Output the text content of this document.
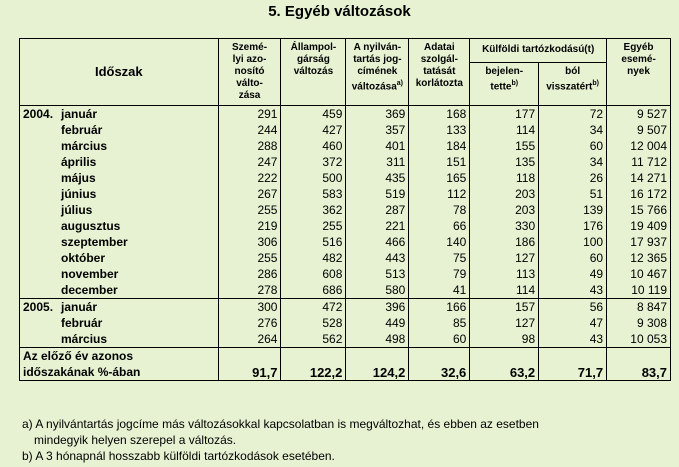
5. Egyéb változások
Időszak	Szemé-
lyi azo-
nosító
válto-
zása	Állampol-
gárság
változás	A nyilván-
tartás jog-
címének
változása$^{a)}$	Adatai
szolgál-
tatását
korlátozta	Külföldi tartózkodású(t)		Egyéb
esemé-
nyek
					bejelen-
tette$^{b)}$	ból
visszatért$^{b)}$
2004. január	291	459	369	168	177	72	9 527
február	244	427	357	133	114	34	9 507
március	288	460	401	184	155	60	12 004
április	247	372	311	151	135	34	11 712
május	222	500	435	165	118	26	14 271
június	267	583	519	112	203	51	16 172
július	255	362	287	78	203	139	15 766
augusztus	219	255	221	66	330	176	19 409
szeptember	306	516	466	140	186	100	17 937
október	255	482	443	75	127	60	12 365
november	286	608	513	79	113	49	10 467
december	278	686	580	41	114	43	10 119
2005. január	300	472	396	166	157	56	8 847
február	276	528	449	85	127	47	9 308
március	264	562	498	60	98	43	10 053

Az előző év azonos
időszakának %-ában	91,7	122,2	124,2	32,6	63,2	71,7	83,7
a) A nyilvántartás jogcíme más változásokkal kapcsolatban is megváltozhat, és ebben az esetben
mindegyik helyen szerepel a változás.
b) A 3 hónapnál hosszabb külföldi tartózkodások esetében.
